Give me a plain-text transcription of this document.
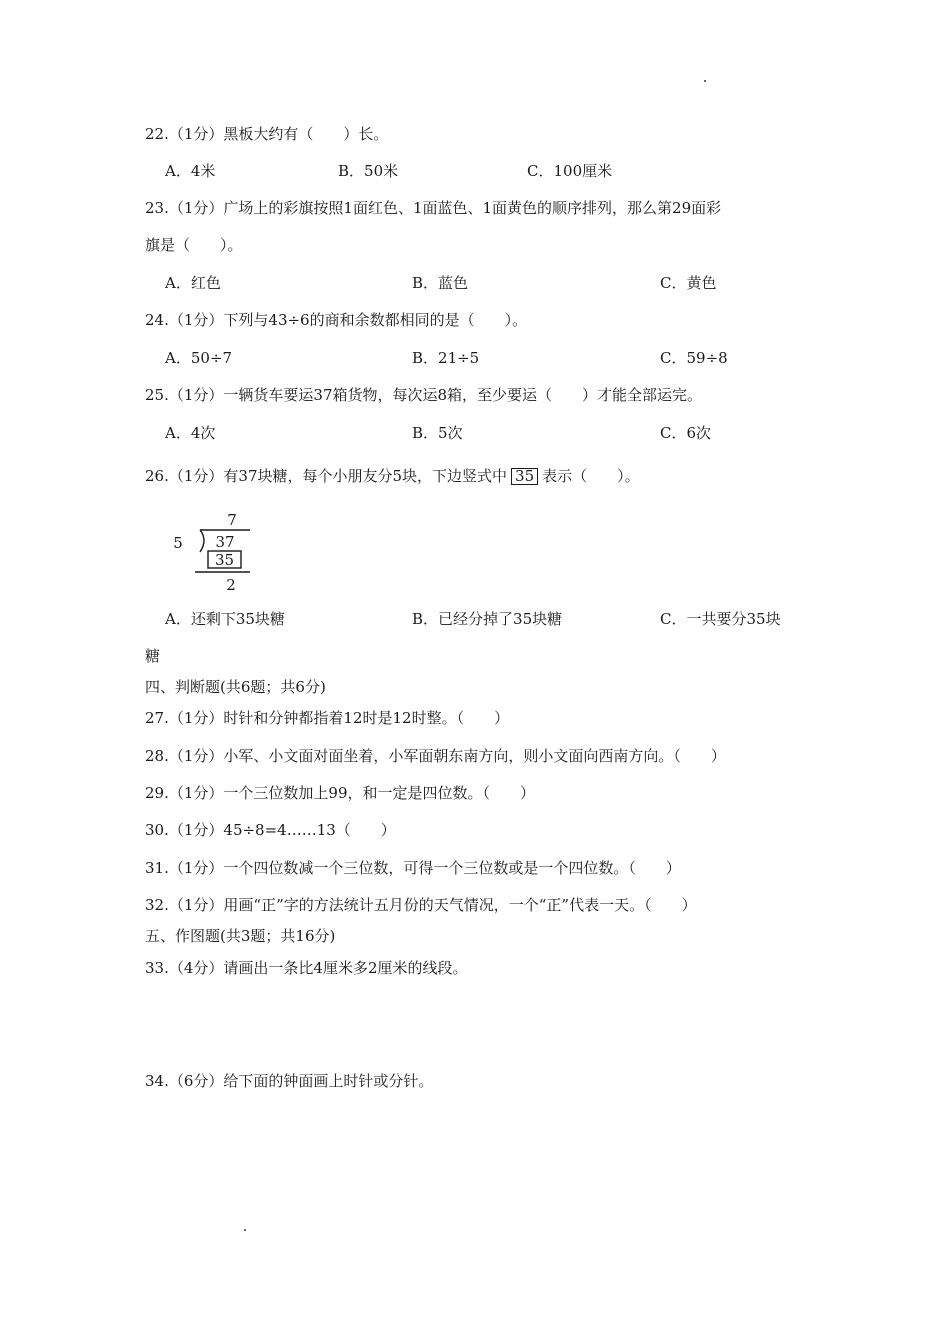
22.（1分）黑板大约有（　　）长。
A．4米	B．50米	C．100厘米
23.（1分）广场上的彩旗按照1面红色、1面蓝色、1面黄色的顺序排列，那么第29面彩
旗是（　　）。
A．红色	B．蓝色	C．黄色
24.（1分）下列与43÷6的商和余数都相同的是（　　）。
A．50÷7	B．21÷5	C．59÷8
25.（1分）一辆货车要运37箱货物，每次运8箱，至少要运（　　）才能全部运完。
A．4次	B．5次	C．6次
26.（1分）有37块糖，每个小朋友分5块，下边竖式中 35 表示（　　）。
7
5 37
35
2
A．还剩下35块糖	B．已经分掉了35块糖	C．一共要分35块
糖
四、判断题(共6题；共6分)
27.（1分）时针和分钟都指着12时是12时整。（　　）
28.（1分）小军、小文面对面坐着，小军面朝东南方向，则小文面向西南方向。（　　）
29.（1分）一个三位数加上99，和一定是四位数。（　　）
30.（1分）45÷8=4……13（　　）
31.（1分）一个四位数减一个三位数，可得一个三位数或是一个四位数。（　　）
32.（1分）用画“正”字的方法统计五月份的天气情况，一个“正”代表一天。（　　）
五、作图题(共3题；共16分)
33.（4分）请画出一条比4厘米多2厘米的线段。
34.（6分）给下面的钟面画上时针或分针。
